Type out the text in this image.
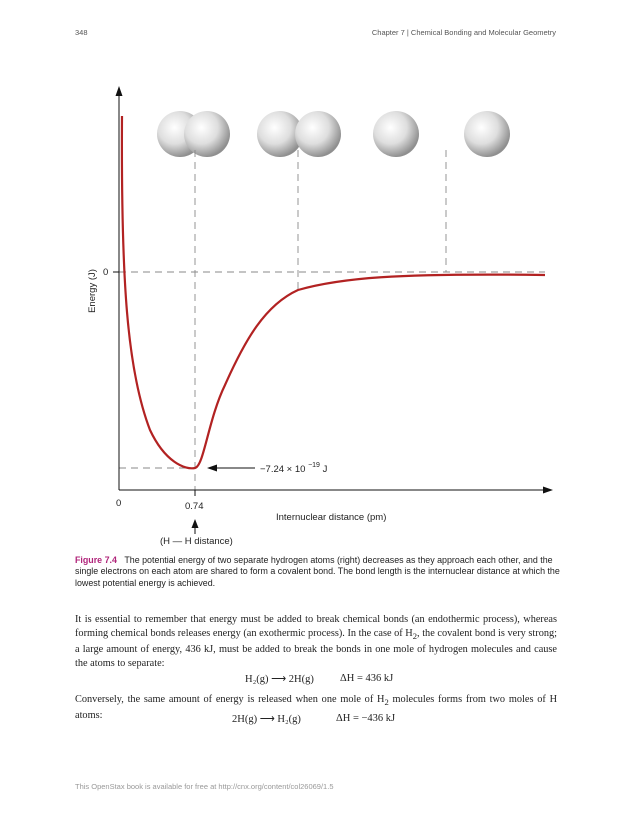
348	Chapter 7 | Chemical Bonding and Molecular Geometry
Energy (J) 0
0	0.74
Internuclear distance (pm)
(H — H distance)
−7.24 × 10 $^{-19}$ J
Figure 7.4 The potential energy of two separate hydrogen atoms (right) decreases as they approach each other, and the single electrons on each atom are shared to form a covalent bond. The bond length is the internuclear distance at which the lowest potential energy is achieved.
It is essential to remember that energy must be added to break chemical bonds (an endothermic process), whereas forming chemical bonds releases energy (an exothermic process). In the case of $H_2$, the covalent bond is very strong; a large amount of energy, 436 kJ, must be added to break the bonds in one mole of hydrogen molecules and cause the atoms to separate:
H₂(g) ⟶ 2H(g) ΔH = 436 kJ
Conversely, the same amount of energy is released when one mole of $H_2$ molecules forms from two moles of H atoms:	2H(g) ⟶ H₂(g)	ΔH = −436 kJ
This OpenStax book is available for free at http://cnx.org/content/col26069/1.5
